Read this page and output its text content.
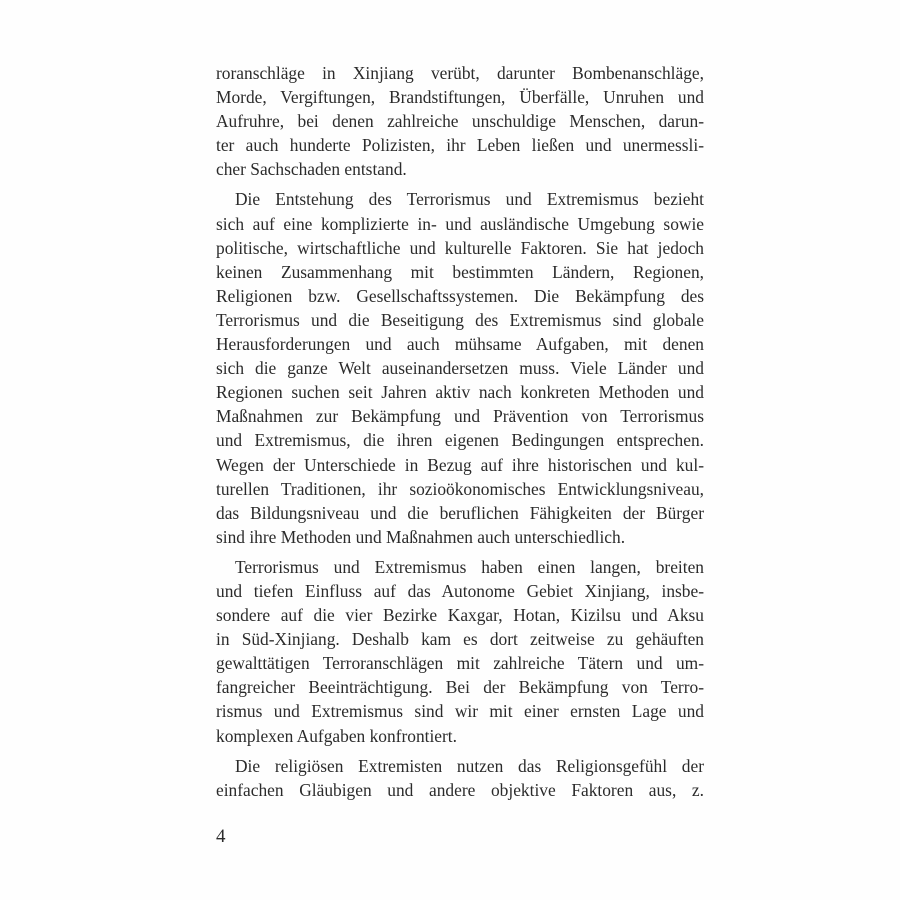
roranschläge in Xinjiang verübt, darunter Bombenanschläge,
Morde, Vergiftungen, Brandstiftungen, Überfälle, Unruhen und
Aufruhre, bei denen zahlreiche unschuldige Menschen, darun-
ter auch hunderte Polizisten, ihr Leben ließen und unermessli-
cher Sachschaden entstand.

Die Entstehung des Terrorismus und Extremismus bezieht
sich auf eine komplizierte in- und ausländische Umgebung sowie
politische, wirtschaftliche und kulturelle Faktoren. Sie hat jedoch
keinen Zusammenhang mit bestimmten Ländern, Regionen,
Religionen bzw. Gesellschaftssystemen. Die Bekämpfung des
Terrorismus und die Beseitigung des Extremismus sind globale
Herausforderungen und auch mühsame Aufgaben, mit denen
sich die ganze Welt auseinandersetzen muss. Viele Länder und
Regionen suchen seit Jahren aktiv nach konkreten Methoden und
Maßnahmen zur Bekämpfung und Prävention von Terrorismus
und Extremismus, die ihren eigenen Bedingungen entsprechen.
Wegen der Unterschiede in Bezug auf ihre historischen und kul-
turellen Traditionen, ihr sozioökonomisches Entwicklungsniveau,
das Bildungsniveau und die beruflichen Fähigkeiten der Bürger
sind ihre Methoden und Maßnahmen auch unterschiedlich.

Terrorismus und Extremismus haben einen langen, breiten
und tiefen Einfluss auf das Autonome Gebiet Xinjiang, insbe-
sondere auf die vier Bezirke Kaxgar, Hotan, Kizilsu und Aksu
in Süd-Xinjiang. Deshalb kam es dort zeitweise zu gehäuften
gewalttätigen Terroranschlägen mit zahlreiche Tätern und um-
fangreicher Beeinträchtigung. Bei der Bekämpfung von Terro-
rismus und Extremismus sind wir mit einer ernsten Lage und
komplexen Aufgaben konfrontiert.

Die religiösen Extremisten nutzen das Religionsgefühl der
einfachen Gläubigen und andere objektive Faktoren aus, z.

4
